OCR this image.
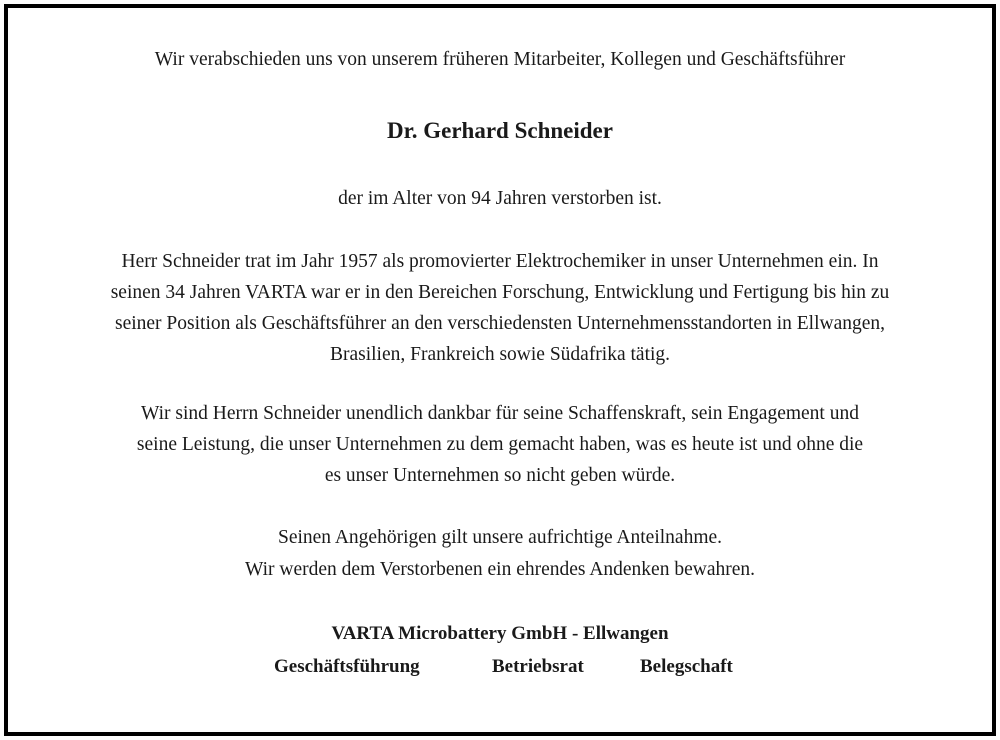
Wir verabschieden uns von unserem früheren Mitarbeiter, Kollegen und Geschäftsführer
Dr. Gerhard Schneider
der im Alter von 94 Jahren verstorben ist.
Herr Schneider trat im Jahr 1957 als promovierter Elektrochemiker in unser Unternehmen ein. In
seinen 34 Jahren VARTA war er in den Bereichen Forschung, Entwicklung und Fertigung bis hin zu
seiner Position als Geschäftsführer an den verschiedensten Unternehmensstandorten in Ellwangen,
Brasilien, Frankreich sowie Südafrika tätig.
Wir sind Herrn Schneider unendlich dankbar für seine Schaffenskraft, sein Engagement und
seine Leistung, die unser Unternehmen zu dem gemacht haben, was es heute ist und ohne die
es unser Unternehmen so nicht geben würde.
Seinen Angehörigen gilt unsere aufrichtige Anteilnahme.
Wir werden dem Verstorbenen ein ehrendes Andenken bewahren.
VARTA Microbattery GmbH - Ellwangen
Geschäftsführung	Betriebsrat	Belegschaft
